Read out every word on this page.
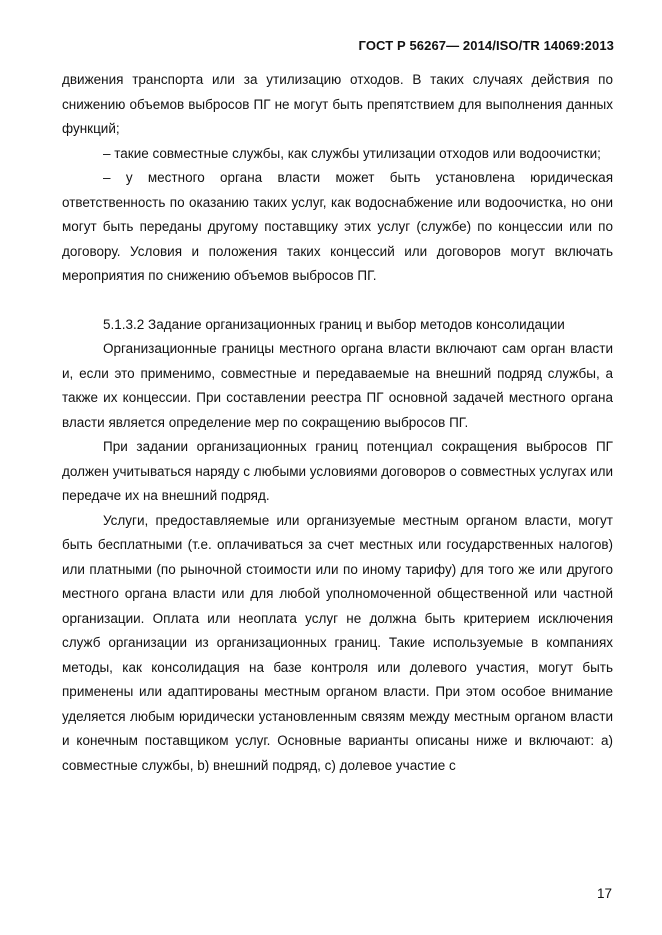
ГОСТ Р 56267— 2014/ISO/TR 14069:2013

движения транспорта или за утилизацию отходов. В таких случаях действия по снижению объемов выбросов ПГ не могут быть препятствием для выполнения данных функций;

– такие совместные службы, как службы утилизации отходов или водоочистки;

– у местного органа власти может быть установлена юридическая ответственность по оказанию таких услуг, как водоснабжение или водоочистка, но они могут быть переданы другому поставщику этих услуг (службе) по концессии или по договору. Условия и положения таких концессий или договоров могут включать мероприятия по снижению объемов выбросов ПГ.

5.1.3.2 Задание организационных границ и выбор методов консолидации

Организационные границы местного органа власти включают сам орган власти и, если это применимо, совместные и передаваемые на внешний подряд службы, а также их концессии. При составлении реестра ПГ основной задачей местного органа власти является определение мер по сокращению выбросов ПГ.

При задании организационных границ потенциал сокращения выбросов ПГ должен учитываться наряду с любыми условиями договоров о совместных услугах или передаче их на внешний подряд.

Услуги, предоставляемые или организуемые местным органом власти, могут быть бесплатными (т.е. оплачиваться за счет местных или государственных налогов) или платными (по рыночной стоимости или по иному тарифу) для того же или другого местного органа власти или для любой уполномоченной общественной или частной организации. Оплата или неоплата услуг не должна быть критерием исключения служб организации из организационных границ. Такие используемые в компаниях методы, как консолидация на базе контроля или долевого участия, могут быть применены или адаптированы местным органом власти. При этом особое внимание уделяется любым юридически установленным связям между местным органом власти и конечным поставщиком услуг. Основные варианты описаны ниже и включают: a) совместные службы, b) внешний подряд, c) долевое участие с

17
